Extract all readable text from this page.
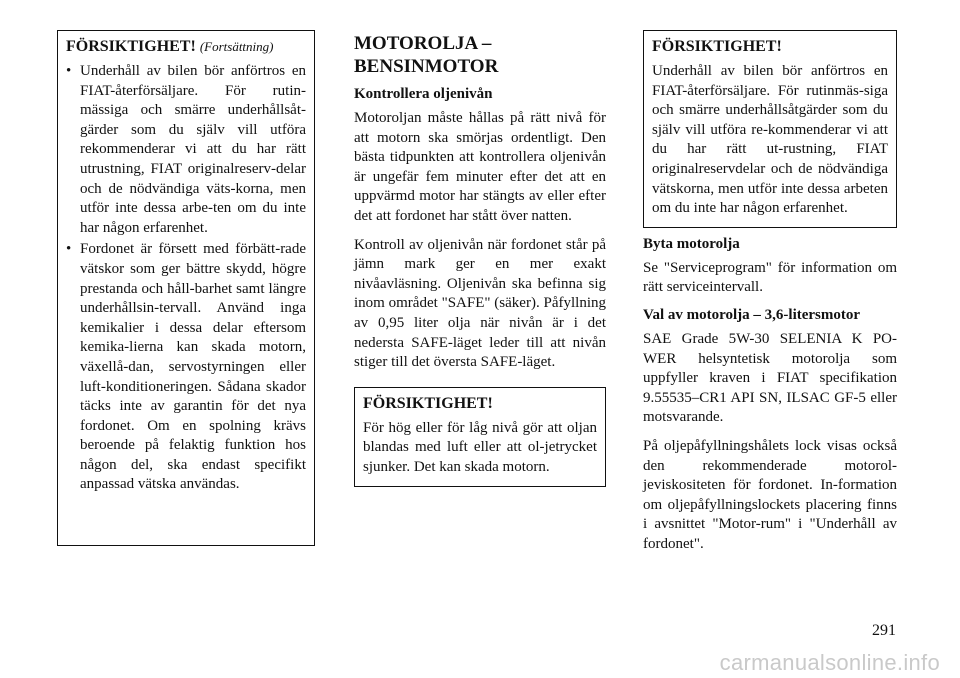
FÖRSIKTIGHET! (Fortsättning)
• Underhåll av bilen bör anförtros en FIAT-återförsäljare. För rutin-mässiga och smärre underhållsåt-gärder som du själv vill utföra rekommenderar vi att du har rätt utrustning, FIAT originalreserv-delar och de nödvändiga väts-korna, men utför inte dessa arbe-ten om du inte har någon erfarenhet.
• Fordonet är försett med förbätt-rade vätskor som ger bättre skydd, högre prestanda och håll-barhet samt längre underhållsin-tervall. Använd inga kemikalier i dessa delar eftersom kemika-lierna kan skada motorn, växellå-dan, servostyrningen eller luft-konditioneringen. Sådana skador täcks inte av garantin för det nya fordonet. Om en spolning krävs beroende på felaktig funktion hos någon del, ska endast specifikt anpassad vätska användas.
MOTOROLJA – BENSINMOTOR
Kontrollera oljenivån

Motoroljan måste hållas på rätt nivå för att motorn ska smörjas ordentligt. Den bästa tidpunkten att kontrollera oljenivån är ungefär fem minuter efter det att en uppvärmd motor har stängts av eller efter det att fordonet har stått över natten.

Kontroll av oljenivån när fordonet står på jämn mark ger en mer exakt nivåavläsning. Oljenivån ska befinna sig inom området "SAFE" (säker). Påfyllning av 0,95 liter olja när nivån är i det nedersta SAFE-läget leder till att nivån stiger till det översta SAFE-läget.

FÖRSIKTIGHET!

För hög eller för låg nivå gör att oljan blandas med luft eller att ol-jetrycket sjunker. Det kan skada motorn.

FÖRSIKTIGHET!

Underhåll av bilen bör anförtros en FIAT-återförsäljare. För rutinmäs-siga och smärre underhållsåtgärder som du själv vill utföra re-kommenderar vi att du har rätt ut-rustning, FIAT originalreservdelar och de nödvändiga vätskorna, men utför inte dessa arbeten om du inte har någon erfarenhet.

Byta motorolja

Se "Serviceprogram" för information om rätt serviceintervall.

Val av motorolja – 3,6-litersmotor

SAE Grade 5W-30 SELENIA K PO-WER helsyntetisk motorolja som uppfyller kraven i FIAT specifikation 9.55535–CR1 API SN, ILSAC GF-5 eller motsvarande.

På oljepåfyllningshålets lock visas också den rekommenderade motorol-jeviskositeten för fordonet. In-formation om oljepåfyllningslockets placering finns i avsnittet "Motor-rum" i "Underhåll av fordonet".

291
carmanualsonline.info
